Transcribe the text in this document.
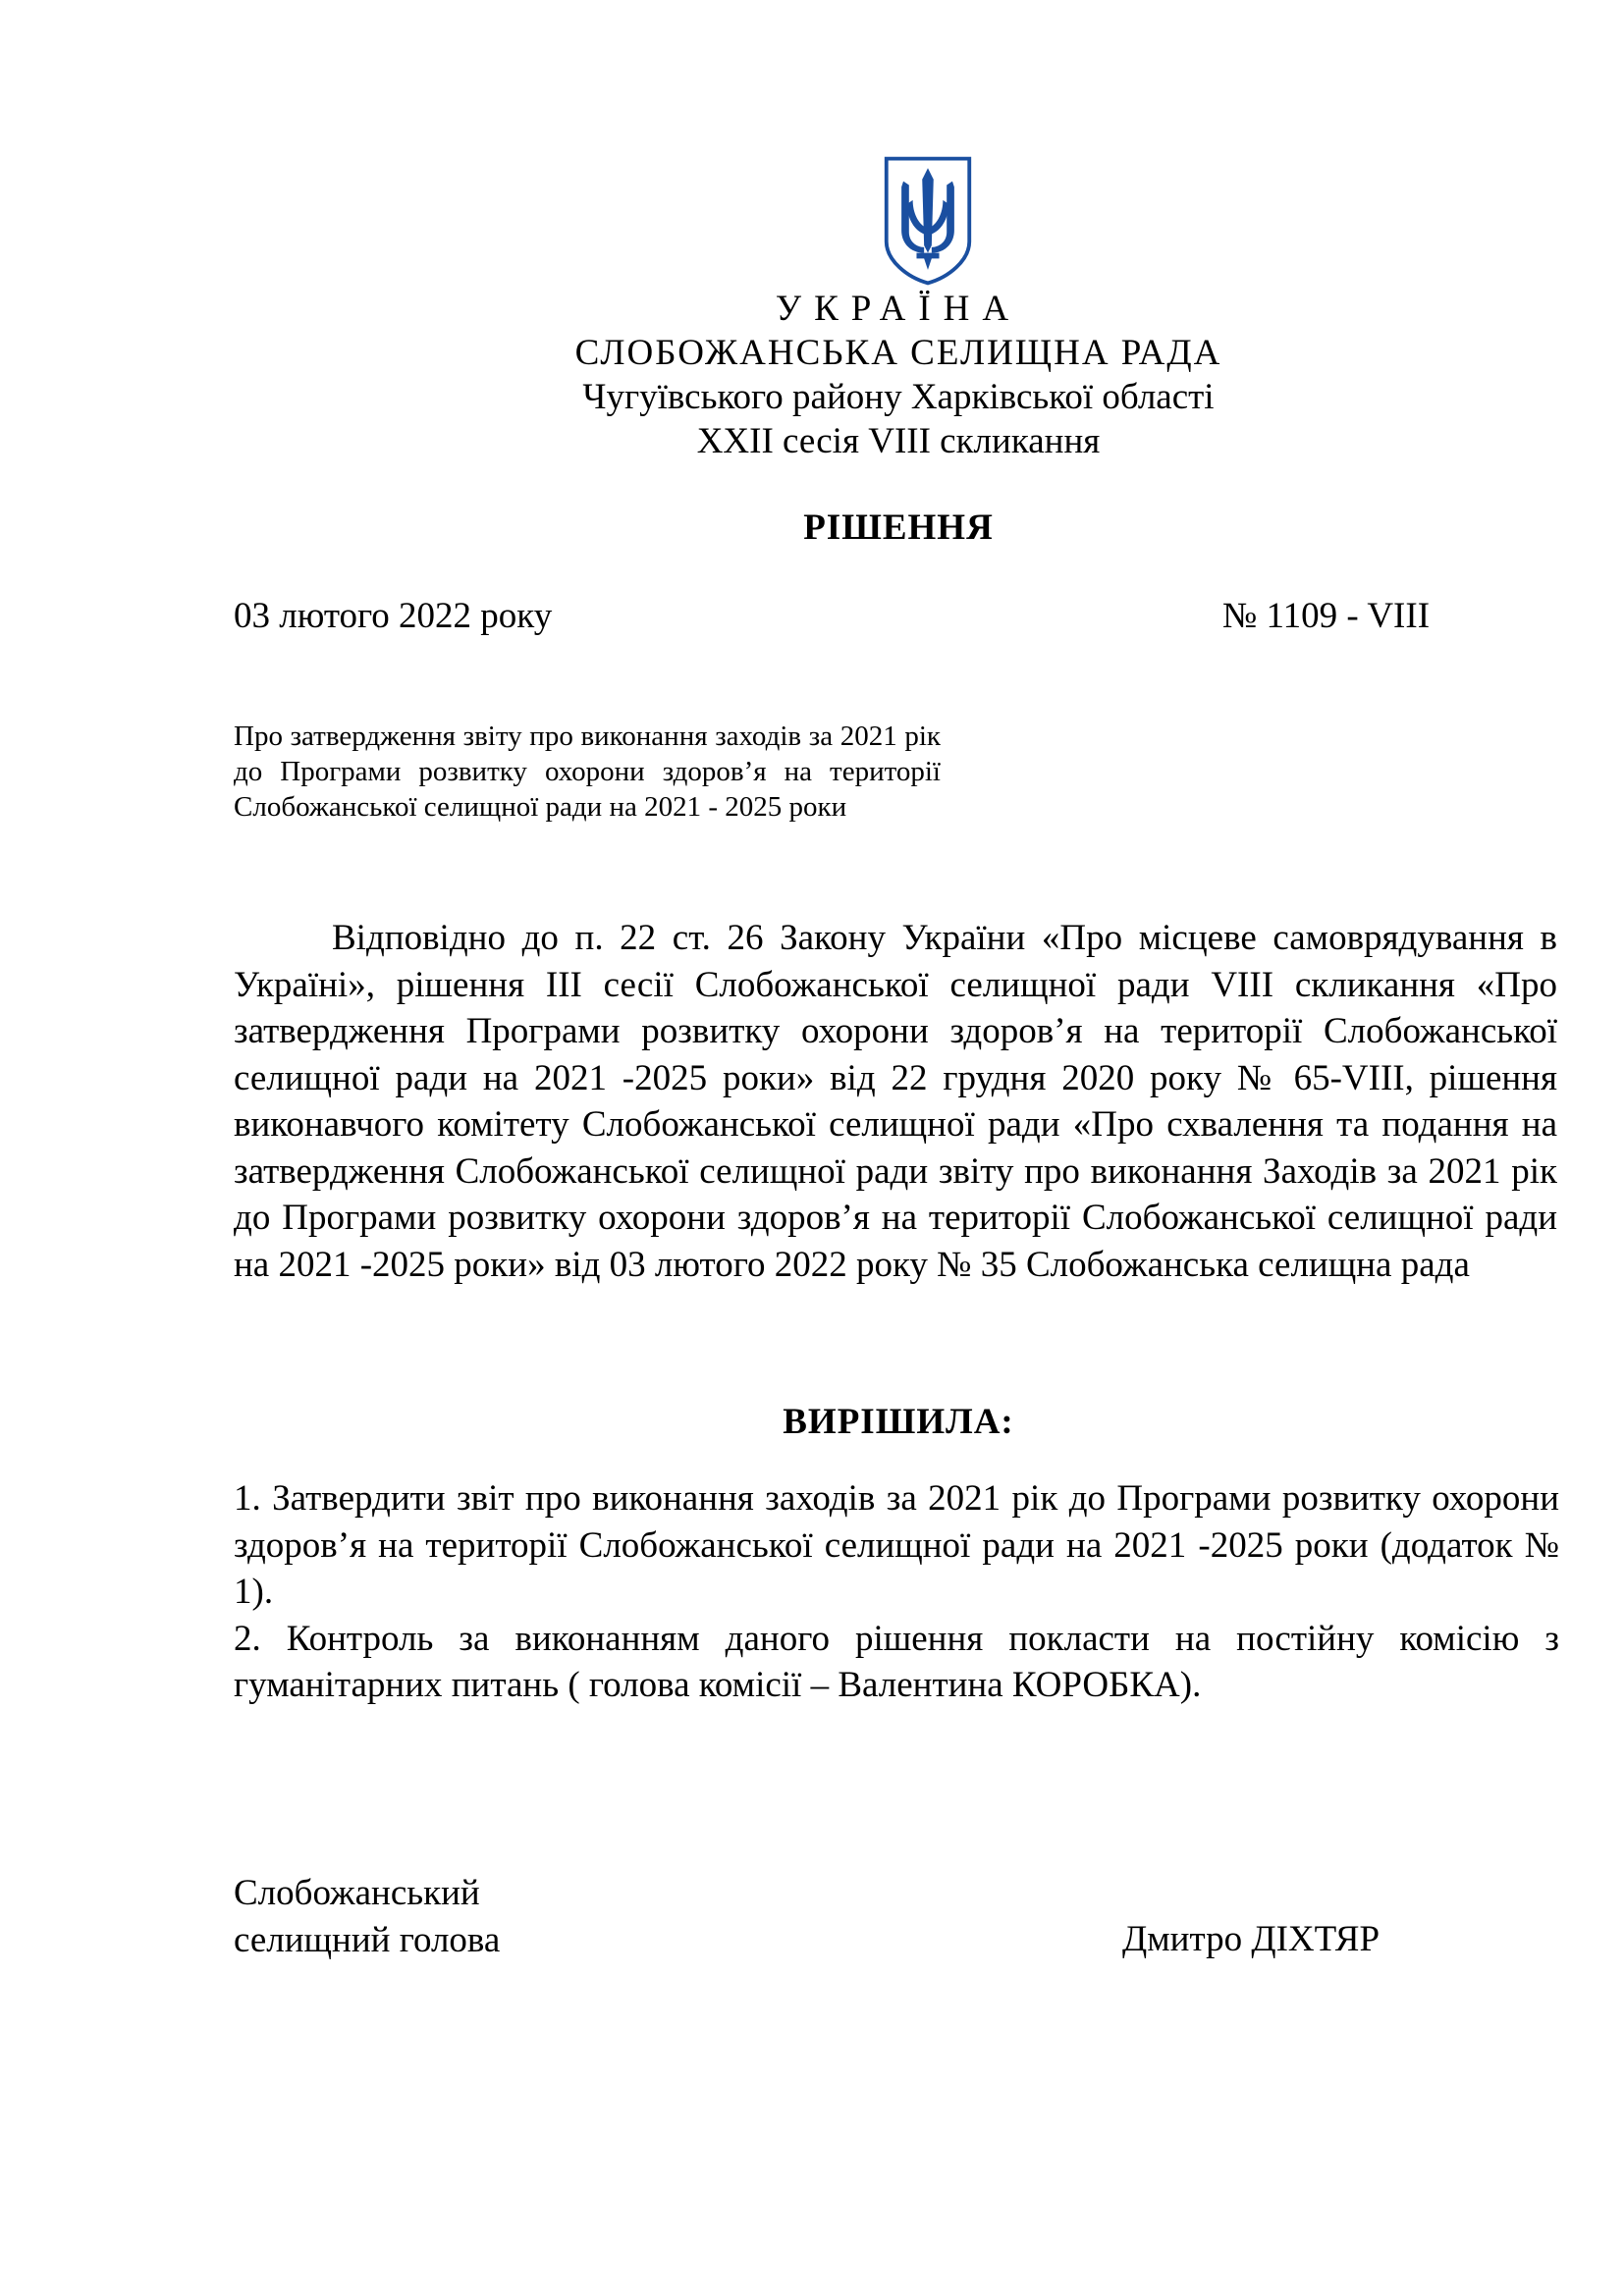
УКРАЇНА
СЛОБОЖАНСЬКА СЕЛИЩНА РАДА
Чугуївського району Харківської області
ХХІІ сесія VIIІ скликання
РІШЕННЯ
03 лютого 2022 року	№ 1109 - VIII
Про затвердження звіту про виконання заходів за 2021 рік до Програми розвитку охорони здоров’я на території Слобожанської селищної ради на 2021 - 2025 роки

Відповідно до п. 22 ст. 26 Закону України «Про місцеве самоврядування в Україні», рішення ІІІ сесії Слобожанської селищної ради VІІІ скликання «Про затвердження Програми розвитку охорони здоров’я на території Слобожанської селищної ради на 2021 -2025 роки» від 22 грудня 2020 року № 65-VIII, рішення виконавчого комітету Слобожанської селищної ради «Про схвалення та подання на затвердження Слобожанської селищної ради звіту про виконання Заходів за 2021 рік до Програми розвитку охорони здоров’я на території Слобожанської селищної ради на 2021 -2025 роки» від 03 лютого 2022 року № 35 Слобожанська селищна рада

ВИРІШИЛА:

1. Затвердити звіт про виконання заходів за 2021 рік до Програми розвитку охорони здоров’я на території Слобожанської селищної ради на 2021 -2025 роки (додаток № 1).

2. Контроль за виконанням даного рішення покласти на постійну комісію з гуманітарних питань ( голова комісії – Валентина КОРОБКА).

Слобожанський
селищний голова	Дмитро ДІХТЯР
